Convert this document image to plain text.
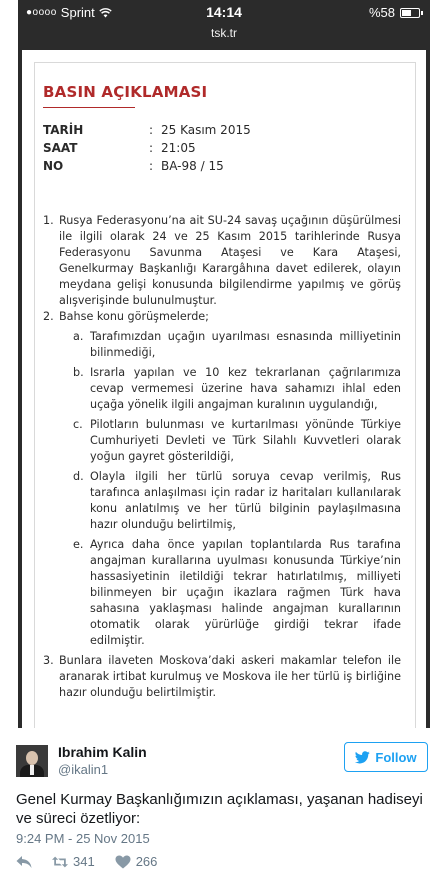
●oooo Sprint	14:14	%58
tsk.tr
BASIN AÇIKLAMASI
TARİH	: 25 Kasım 2015
SAAT	: 21:05
NO	: BA-98 / 15
1. Rusya Federasyonu’na ait SU-24 savaş uçağının düşürülmesi ile ilgili olarak 24 ve 25 Kasım 2015 tarihlerinde Rusya Federasyonu Savunma Ataşesi ve Kara Ataşesi, Genelkurmay Başkanlığı Karargâhına davet edilerek, olayın meydana gelişi konusunda bilgilendirme yapılmış ve görüş alışverişinde bulunulmuştur.
2. Bahse konu görüşmelerde;
a. Tarafımızdan uçağın uyarılması esnasında milliyetinin bilinmediği,
b. Israrla yapılan ve 10 kez tekrarlanan çağrılarımıza cevap vermemesi üzerine hava sahamızı ihlal eden uçağa yönelik ilgili angajman kuralının uygulandığı,
c. Pilotların bulunması ve kurtarılması yönünde Türkiye Cumhuriyeti Devleti ve Türk Silahlı Kuvvetleri olarak yoğun gayret gösterildiği,
d. Olayla ilgili her türlü soruya cevap verilmiş, Rus tarafınca anlaşılması için radar iz haritaları kullanılarak konu anlatılmış ve her türlü bilginin paylaşılmasına hazır olunduğu belirtilmiş,
e. Ayrıca daha önce yapılan toplantılarda Rus tarafına angajman kurallarına uyulması konusunda Türkiye’nin hassasiyetinin iletildiği tekrar hatırlatılmış, milliyeti bilinmeyen bir uçağın ikazlara rağmen Türk hava sahasına yaklaşması halinde angajman kurallarının otomatik olarak yürürlüğe girdiği tekrar ifade edilmiştir.
3. Bunlara ilaveten Moskova’daki askeri makamlar telefon ile aranarak irtibat kurulmuş ve Moskova ile her türlü iş birliğine hazır olunduğu belirtilmiştir.
Ibrahim Kalin
@ikalin1
Follow
Genel Kurmay Başkanlığımızın açıklaması, yaşanan hadiseyi ve süreci özetliyor:
9:24 PM - 25 Nov 2015
341	266
